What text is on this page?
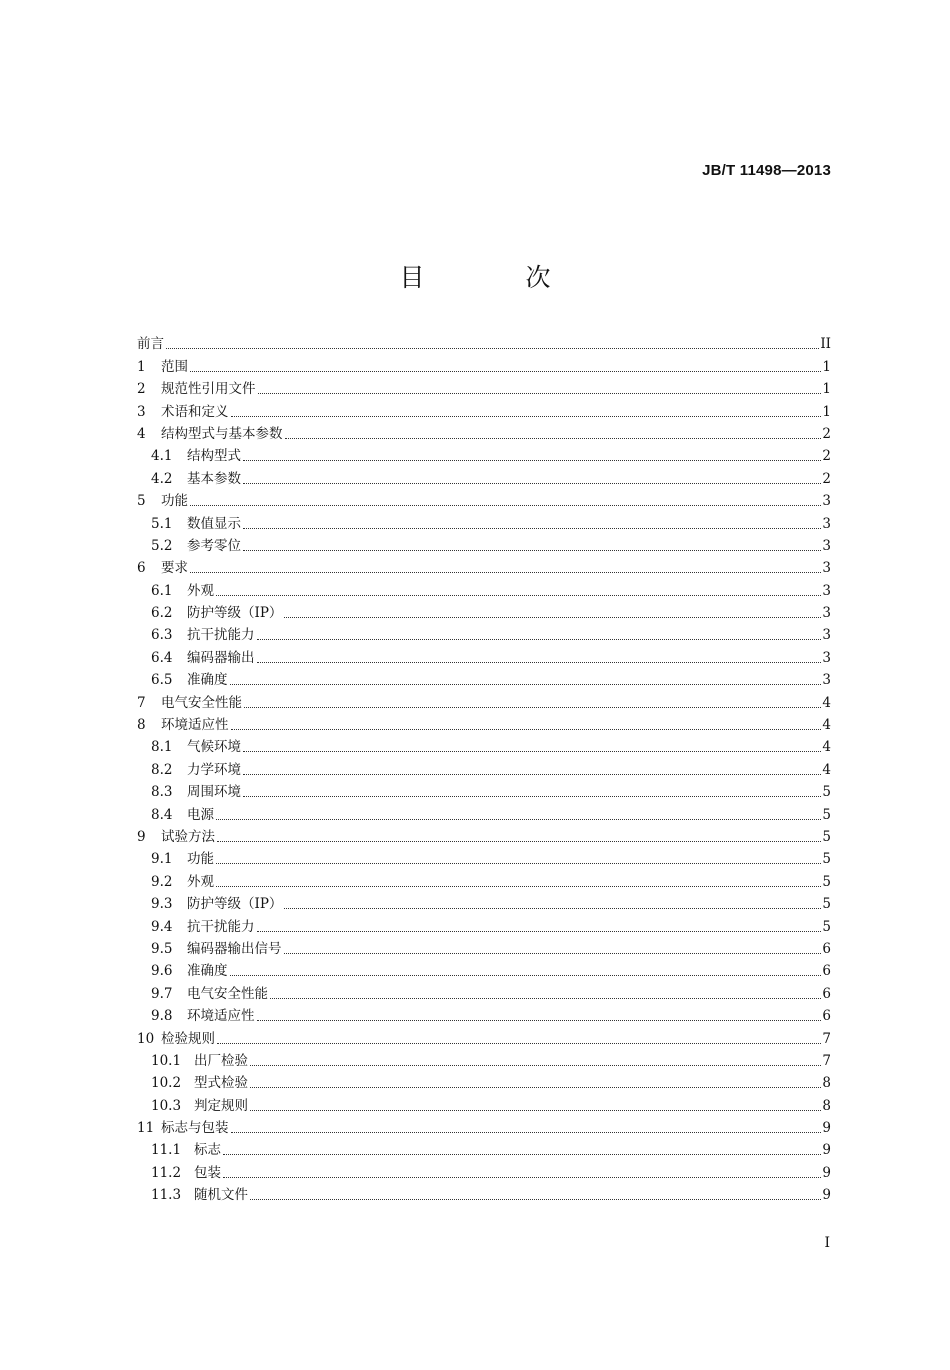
JB/T 11498—2013
目　次
前言	II
1	范围	1
2	规范性引用文件	1
3	术语和定义	1
4	结构型式与基本参数	2
4.1	结构型式	2
4.2	基本参数	2
5	功能	3
5.1	数值显示	3
5.2	参考零位	3
6	要求	3
6.1	外观	3
6.2	防护等级（IP）	3
6.3	抗干扰能力	3
6.4	编码器输出	3
6.5	准确度	3
7	电气安全性能	4
8	环境适应性	4
8.1	气候环境	4
8.2	力学环境	4
8.3	周围环境	5
8.4	电源	5
9	试验方法	5
9.1	功能	5
9.2	外观	5
9.3	防护等级（IP）	5
9.4	抗干扰能力	5
9.5	编码器输出信号	6
9.6	准确度	6
9.7	电气安全性能	6
9.8	环境适应性	6
10 检验规则	7
10.1 出厂检验	7
10.2 型式检验	8
10.3 判定规则	8
11 标志与包装	9
11.1 标志	9
11.2 包装	9
11.3 随机文件	9
I
